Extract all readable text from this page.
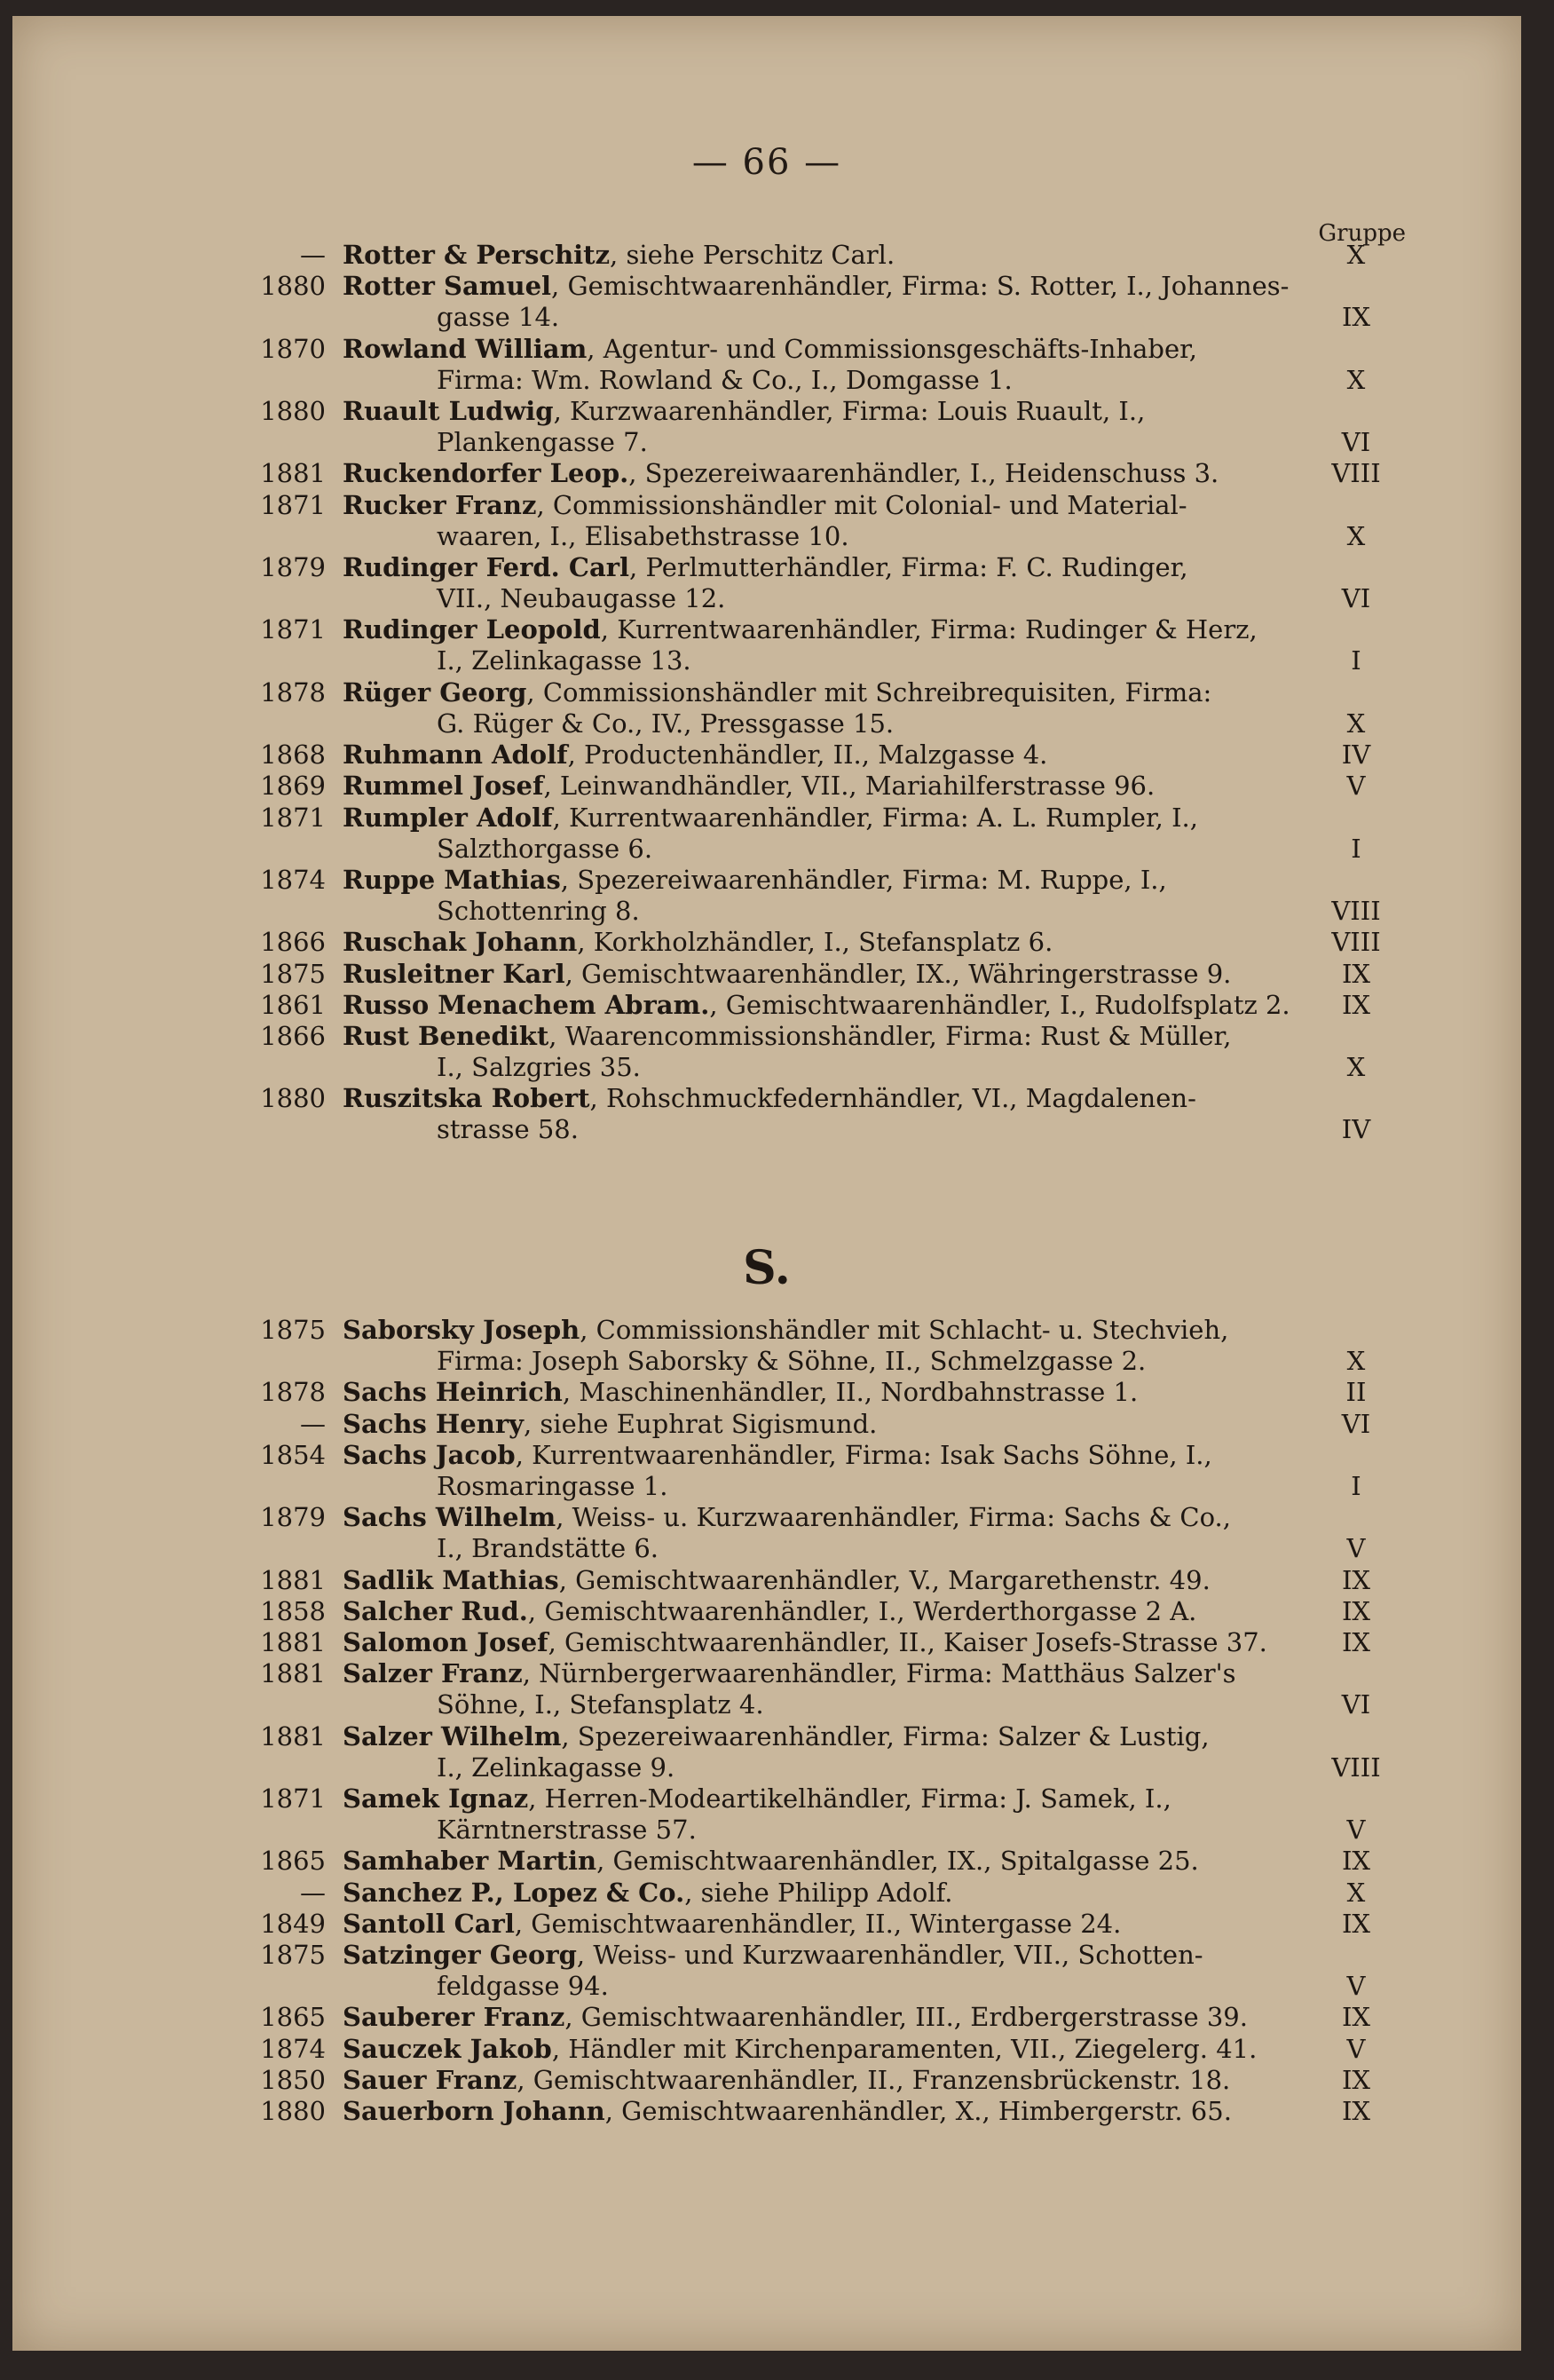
— 66 —
Gruppe
S.
— Rotter & Perschitz, siehe Perschitz Carl.	X
1880 Rotter Samuel, Gemischtwaarenhändler, Firma: S. Rotter, I., Johannes-
gasse 14.	IX
1870 Rowland William, Agentur- und Commissionsgeschäfts-Inhaber,
Firma: Wm. Rowland & Co., I., Domgasse 1.	X
1880 Ruault Ludwig, Kurzwaarenhändler, Firma: Louis Ruault, I.,
Plankengasse 7.	VI
1881 Ruckendorfer Leop., Spezereiwaarenhändler, I., Heidenschuss 3.	VIII
1871 Rucker Franz, Commissionshändler mit Colonial- und Material-
waaren, I., Elisabethstrasse 10.	X
1879 Rudinger Ferd. Carl, Perlmutterhändler, Firma: F. C. Rudinger,
VII., Neubaugasse 12.	VI
1871 Rudinger Leopold, Kurrentwaarenhändler, Firma: Rudinger & Herz,
I., Zelinkagasse 13.	I
1878 Rüger Georg, Commissionshändler mit Schreibrequisiten, Firma:
G. Rüger & Co., IV., Pressgasse 15.	X
1868 Ruhmann Adolf, Productenhändler, II., Malzgasse 4.	IV
1869 Rummel Josef, Leinwandhändler, VII., Mariahilferstrasse 96.	V
1871 Rumpler Adolf, Kurrentwaarenhändler, Firma: A. L. Rumpler, I.,
Salzthorgasse 6.	I
1874 Ruppe Mathias, Spezereiwaarenhändler, Firma: M. Ruppe, I.,
Schottenring 8.	VIII
1866 Ruschak Johann, Korkholzhändler, I., Stefansplatz 6.	VIII
1875 Rusleitner Karl, Gemischtwaarenhändler, IX., Währingerstrasse 9.	IX
1861 Russo Menachem Abram., Gemischtwaarenhändler, I., Rudolfsplatz 2.	IX
1866 Rust Benedikt, Waarencommissionshändler, Firma: Rust & Müller,
I., Salzgries 35.	X
1880 Ruszitska Robert, Rohschmuckfedernhändler, VI., Magdalenen-
strasse 58.	IV
1875 Saborsky Joseph, Commissionshändler mit Schlacht- u. Stechvieh,
Firma: Joseph Saborsky & Söhne, II., Schmelzgasse 2.	X
1878 Sachs Heinrich, Maschinenhändler, II., Nordbahnstrasse 1.	II
— Sachs Henry, siehe Euphrat Sigismund.	VI
1854 Sachs Jacob, Kurrentwaarenhändler, Firma: Isak Sachs Söhne, I.,
Rosmaringasse 1.	I
1879 Sachs Wilhelm, Weiss- u. Kurzwaarenhändler, Firma: Sachs & Co.,
I., Brandstätte 6.	V
1881 Sadlik Mathias, Gemischtwaarenhändler, V., Margarethenstr. 49.	IX
1858 Salcher Rud., Gemischtwaarenhändler, I., Werderthorgasse 2 A.	IX
1881 Salomon Josef, Gemischtwaarenhändler, II., Kaiser Josefs-Strasse 37.	IX
1881 Salzer Franz, Nürnbergerwaarenhändler, Firma: Matthäus Salzer's
Söhne, I., Stefansplatz 4.	VI
1881 Salzer Wilhelm, Spezereiwaarenhändler, Firma: Salzer & Lustig,
I., Zelinkagasse 9.	VIII
1871 Samek Ignaz, Herren-Modeartikelhändler, Firma: J. Samek, I.,
Kärntnerstrasse 57.	V
1865 Samhaber Martin, Gemischtwaarenhändler, IX., Spitalgasse 25.	IX
— Sanchez P., Lopez & Co., siehe Philipp Adolf.	X
1849 Santoll Carl, Gemischtwaarenhändler, II., Wintergasse 24.	IX
1875 Satzinger Georg, Weiss- und Kurzwaarenhändler, VII., Schotten-
feldgasse 94.	V
1865 Sauberer Franz, Gemischtwaarenhändler, III., Erdbergerstrasse 39.	IX
1874 Sauczek Jakob, Händler mit Kirchenparamenten, VII., Ziegelerg. 41.	V
1850 Sauer Franz, Gemischtwaarenhändler, II., Franzensbrückenstr. 18.	IX
1880 Sauerborn Johann, Gemischtwaarenhändler, X., Himbergerstr. 65.	IX
